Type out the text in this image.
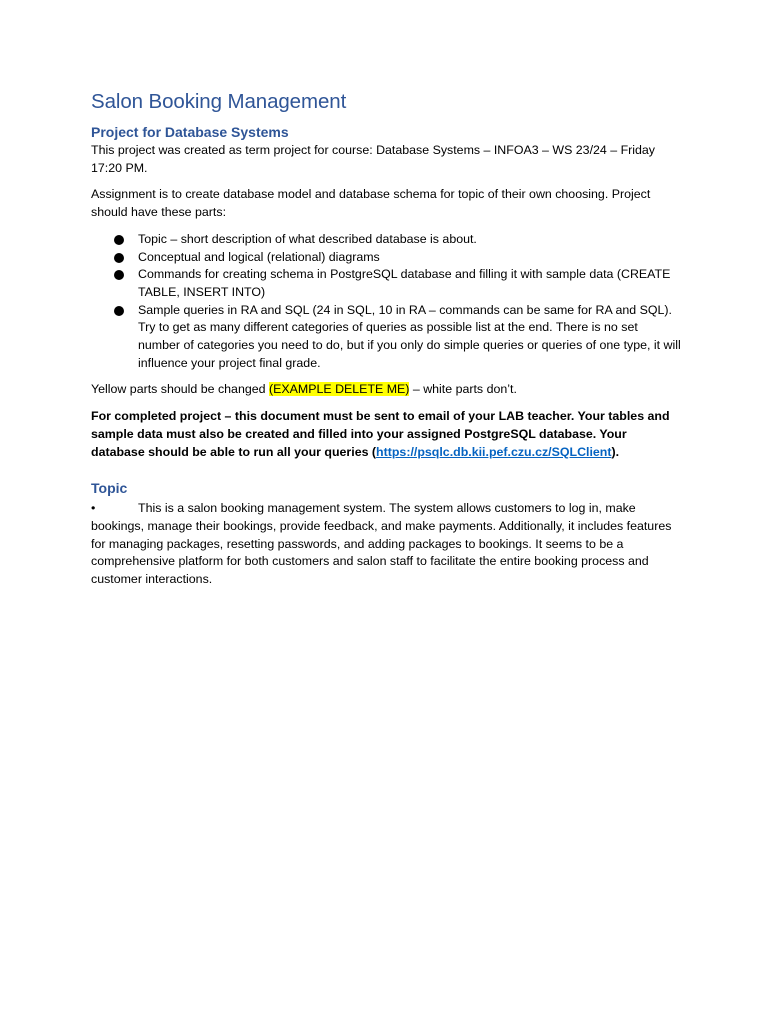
Salon Booking Management
Project for Database Systems

This project was created as term project for course: Database Systems – INFOA3 – WS 23/24 – Friday 17:20 PM.

Assignment is to create database model and database schema for topic of their own choosing. Project should have these parts:

Topic – short description of what described database is about.
Conceptual and logical (relational) diagrams
Commands for creating schema in PostgreSQL database and filling it with sample data (CREATE TABLE, INSERT INTO)
Sample queries in RA and SQL (24 in SQL, 10 in RA – commands can be same for RA and SQL). Try to get as many different categories of queries as possible list at the end. There is no set number of categories you need to do, but if you only do simple queries or queries of one type, it will influence your project final grade.

Yellow parts should be changed (EXAMPLE DELETE ME) – white parts don’t.

For completed project – this document must be sent to email of your LAB teacher. Your tables and sample data must also be created and filled into your assigned PostgreSQL database. Your database should be able to run all your queries (https://psqlc.db.kii.pef.czu.cz/SQLClient).

Topic

•	This is a salon booking management system. The system allows customers to log in, make bookings, manage their bookings, provide feedback, and make payments. Additionally, it includes features for managing packages, resetting passwords, and adding packages to bookings. It seems to be a comprehensive platform for both customers and salon staff to facilitate the entire booking process and customer interactions.
